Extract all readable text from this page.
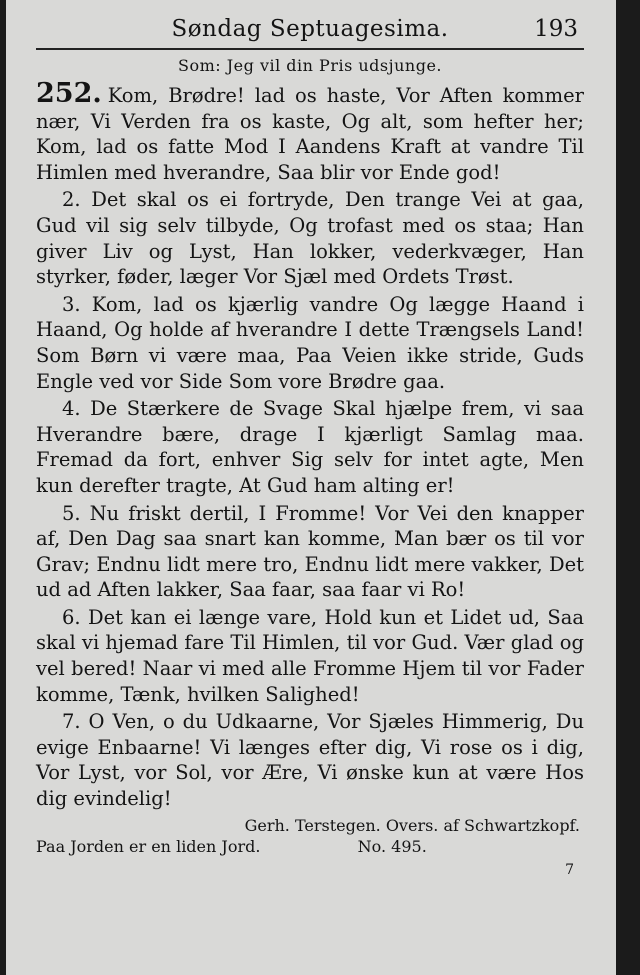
Søndag Septuagesima.	193
Som: Jeg vil din Pris udsjunge.

252. Kom, Brødre! lad os haste, Vor Aften kommer nær, Vi Verden fra os kaste, Og alt, som hefter her; Kom, lad os fatte Mod I Aandens Kraft at vandre Til Himlen med hverandre, Saa blir vor Ende god!

2. Det skal os ei fortryde, Den trange Vei at gaa, Gud vil sig selv tilbyde, Og trofast med os staa; Han giver Liv og Lyst, Han lokker, vederkvæger, Han styrker, føder, læger Vor Sjæl med Ordets Trøst.

3. Kom, lad os kjærlig vandre Og lægge Haand i Haand, Og holde af hverandre I dette Trængsels Land! Som Børn vi være maa, Paa Veien ikke stride, Guds Engle ved vor Side Som vore Brødre gaa.

4. De Stærkere de Svage Skal hjælpe frem, vi saa Hverandre bære, drage I kjærligt Samlag maa. Fremad da fort, enhver Sig selv for intet agte, Men kun derefter tragte, At Gud ham alting er!

5. Nu friskt dertil, I Fromme! Vor Vei den knapper af, Den Dag saa snart kan komme, Man bær os til vor Grav; Endnu lidt mere tro, Endnu lidt mere vakker, Det ud ad Aften lakker, Saa faar, saa faar vi Ro!

6. Det kan ei længe vare, Hold kun et Lidet ud, Saa skal vi hjemad fare Til Himlen, til vor Gud. Vær glad og vel bered! Naar vi med alle Fromme Hjem til vor Fader komme, Tænk, hvilken Salighed!

7. O Ven, o du Udkaarne, Vor Sjæles Himmerig, Du evige Enbaarne! Vi længes efter dig, Vi rose os i dig, Vor Lyst, vor Sol, vor Ære, Vi ønske kun at være Hos dig evindelig!

Gerh. Terstegen. Overs. af Schwartzkopf.
Paa Jorden er en liden Jord.	No. 495.
7
